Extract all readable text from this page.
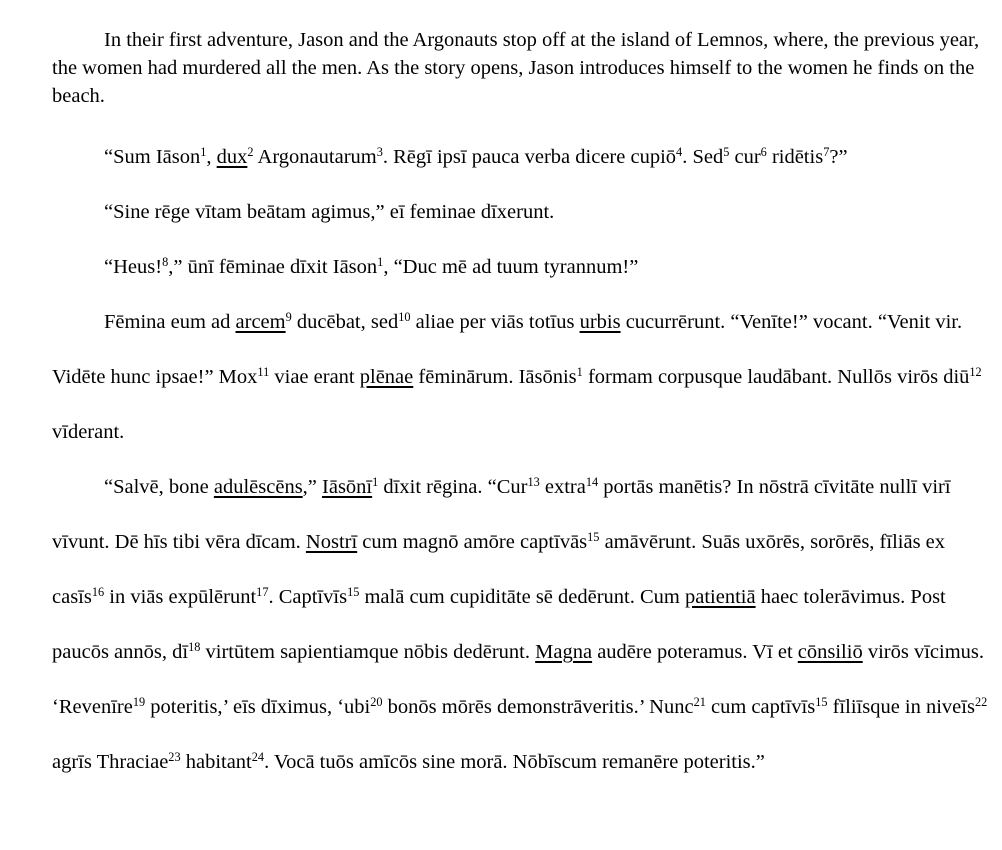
In their first adventure, Jason and the Argonauts stop off at the island of Lemnos, where, the previous year, the women had murdered all the men. As the story opens, Jason introduces himself to the women he finds on the beach.

“Sum Iāson$^1$, dux$^2$ Argonautarum$^3$. Rēgī ipsī pauca verba dicere cupiō$^4$. Sed$^5$ cur$^6$ ridētis$^7$?”

“Sine rēge vītam beātam agimus,” eī feminae dīxerunt.

“Heus!$^8$,” ūnī fēminae dīxit Iāson$^1$, “Duc mē ad tuum tyrannum!”

Fēmina eum ad arcem$^9$ ducēbat, sed$^{10}$ aliae per viās totīus urbis cucurrērunt. “Venīte!” vocant. “Venit vir. Vidēte hunc ipsae!” Mox$^{11}$ viae erant plēnae fēminārum. Iāsōnis$^1$ formam corpusque laudābant. Nullōs virōs diū$^{12}$ vīderant.

“Salvē, bone adulēscēns,” Iāsōnī$^1$ dīxit rēgina. “Cur$^{13}$ extra$^{14}$ portās manētis? In nōstrā cīvitāte nullī virī vīvunt. Dē hīs tibi vēra dīcam. Nostrī cum magnō amōre captīvās$^{15}$ amāvērunt. Suās uxōrēs, sorōrēs, fīliās ex casīs$^{16}$ in viās expūlērunt$^{17}$. Captīvīs$^{15}$ malā cum cupiditāte sē dedērunt. Cum patientiā haec tolerāvimus. Post paucōs annōs, $dī^{18}$ virtūtem sapientiamque nōbis dedērunt. Magna audēre poteramus. Vī et cōnsiliō virōs vīcimus. ‘Revenīre$^{19}$ poteritis,’ eīs dīximus, ‘ubi$^{20}$ bonōs mōrēs demonstrāveritis.’ Nunc$^{21}$ cum captīvīs$^{15}$ fīliīsque in niveīs$^{22}$ agrīs Thraciae$^{23}$ habitant$^{24}$. Vocā tuōs amīcōs sine morā. Nōbīscum remanēre poteritis.”
